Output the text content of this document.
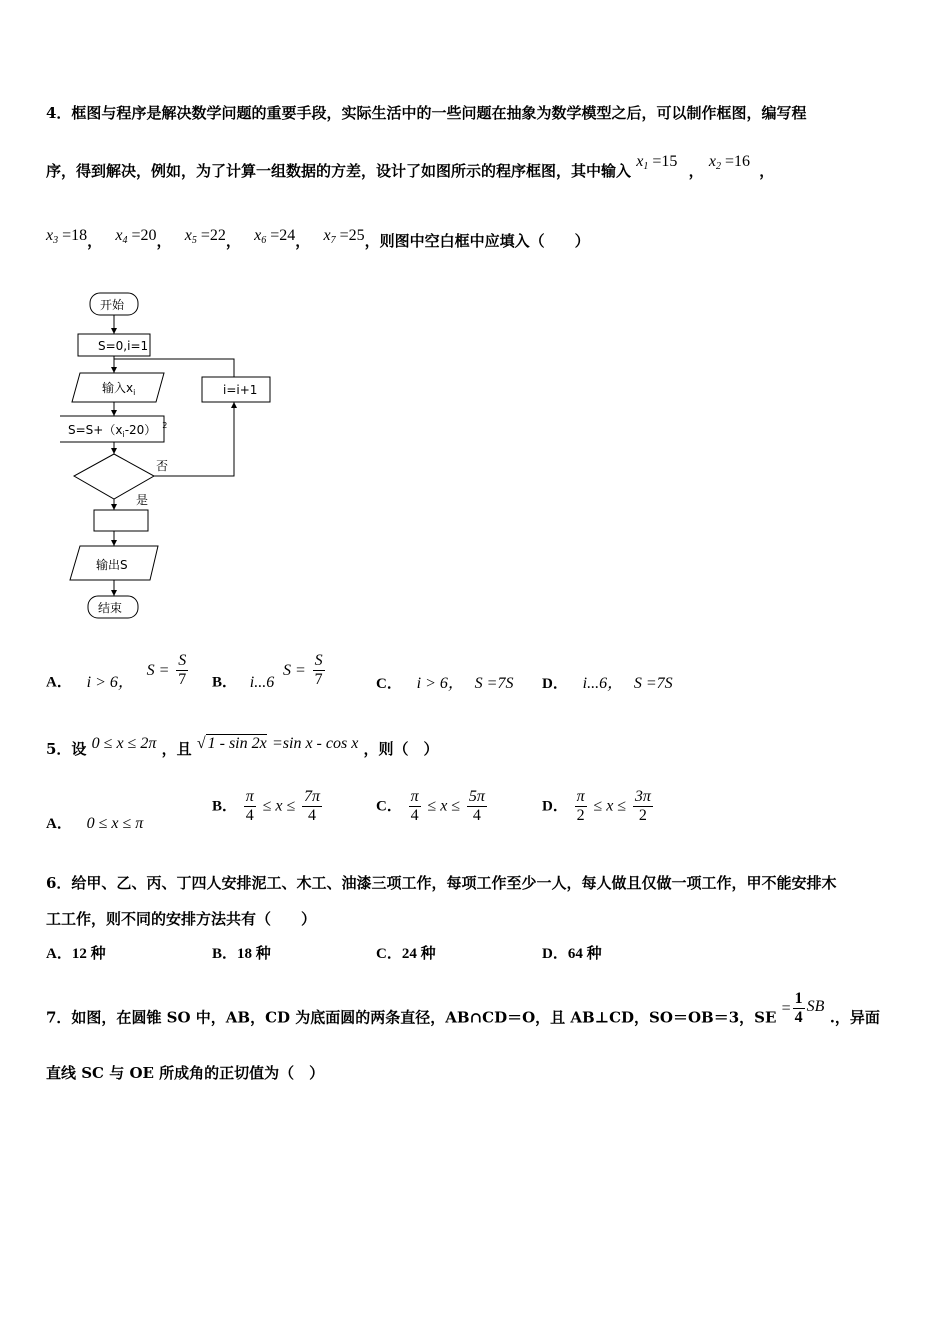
4．框图与程序是解决数学问题的重要手段，实际生活中的一些问题在抽象为数学模型之后，可以制作框图，编写程
序，得到解决，例如，为了计算一组数据的方差，设计了如图所示的程序框图，其中输入 x1 =15 ， x2 =16 ，
x3 =18， x4 =20， x5 =22， x6 =24， x7 =25，则图中空白框中应填入（　　）
开始
S=0,i=1
输入$x_i$
$S=S+(x_i-20)$ $^2$
i=i+1
否
是
输出S
结束
A． i > 6， $S = \frac{S}{7}$ B． i...6 $S = \frac{S}{7}$	C． i > 6， S =7S D． i...6， S =7S
5．设 0 ≤ x ≤ 2π ，且 √ 1 - sin 2x =sin x - cos x ，则（　）
A． 0 ≤ x ≤ π
B． $\frac{\pi}{4} \le x \le \frac{7\pi}{4}$	C． $\frac{\pi}{4} \le x \le \frac{5\pi}{4}$	D． $\frac{\pi}{2} \le x \le \frac{3\pi}{2}$
6．给甲、乙、丙、丁四人安排泥工、木工、油漆三项工作，每项工作至少一人，每人做且仅做一项工作，甲不能安排木
工工作，则不同的安排方法共有（　　）
A．12 种	B．18 种	C．24 种	D．64 种
7．如图，在圆锥 SO 中，AB，CD 为底面圆的两条直径，AB∩CD＝O，且 AB⊥CD，SO＝OB＝3，SE = $\frac{1}{4}$ SB .，异面
直线 SC 与 OE 所成角的正切值为（　）
